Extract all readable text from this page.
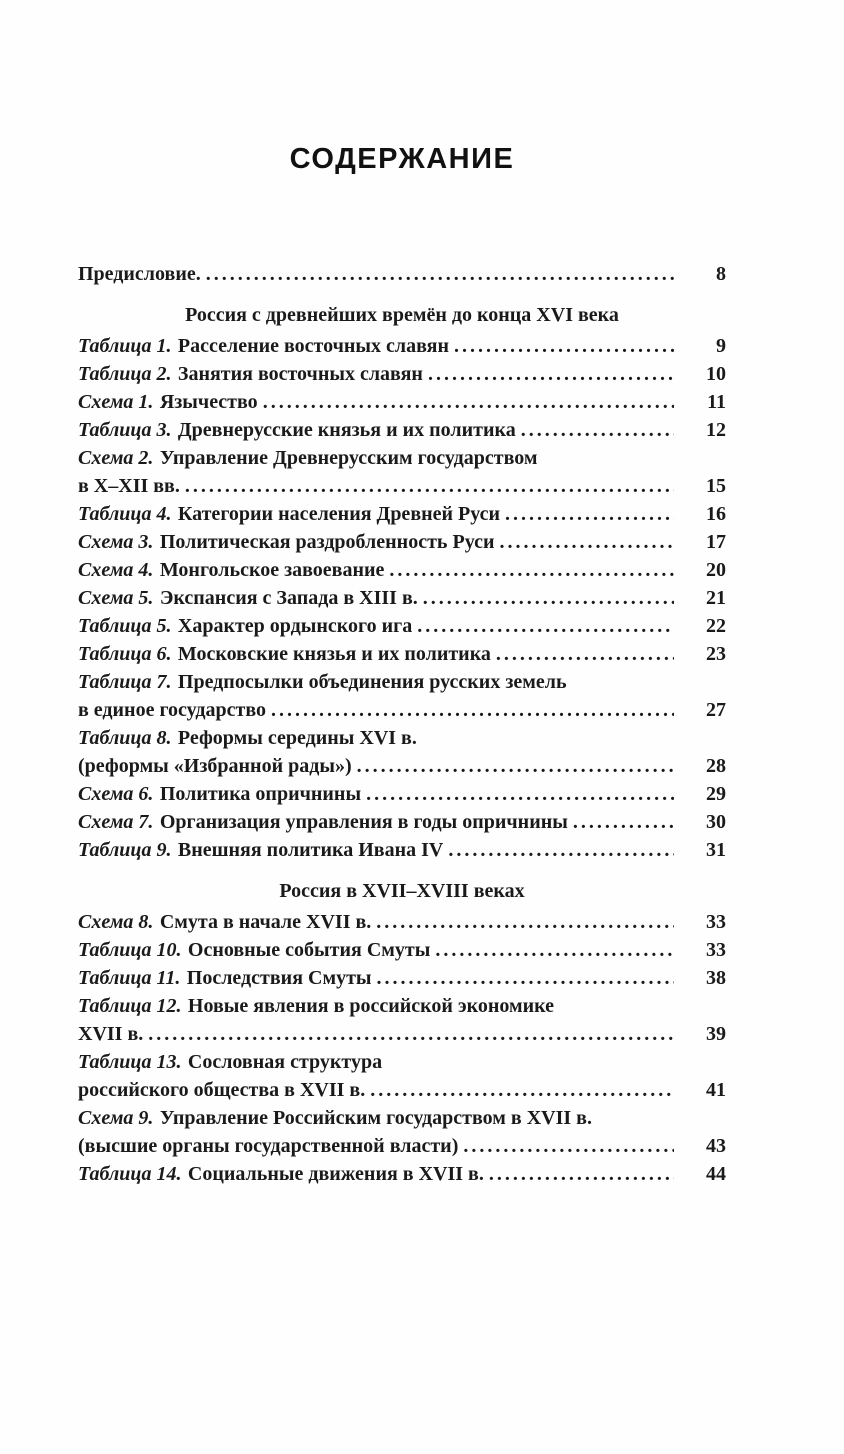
СОДЕРЖАНИЕ
Предисловие. .....	8
Россия с древнейших времён до конца XVI века
Таблица 1. Расселение восточных славян .....	9
Таблица 2. Занятия восточных славян .....	10
Схема 1. Язычество .....	11
Таблица 3. Древнерусские князья и их политика .....	12
Схема 2. Управление Древнерусским государством
в X–XII вв. .....	15
Таблица 4. Категории населения Древней Руси .....	16
Схема 3. Политическая раздробленность Руси .....	17
Схема 4. Монгольское завоевание .....	20
Схема 5. Экспансия с Запада в XIII в. .....	21
Таблица 5. Характер ордынского ига .....	22
Таблица 6. Московские князья и их политика .....	23
Таблица 7. Предпосылки объединения русских земель
в единое государство .....	27
Таблица 8. Реформы середины XVI в.
(реформы «Избранной рады») .....	28
Схема 6. Политика опричнины .....	29
Схема 7. Организация управления в годы опричнины .....	30
Таблица 9. Внешняя политика Ивана IV .....	31
Россия в XVII–XVIII веках
Схема 8. Смута в начале XVII в. .....	33
Таблица 10. Основные события Смуты .....	33
Таблица 11. Последствия Смуты .....	38
Таблица 12. Новые явления в российской экономике
XVII в. .....	39
Таблица 13. Сословная структура
российского общества в XVII в. .....	41
Схема 9. Управление Российским государством в XVII в.
(высшие органы государственной власти) .....	43
Таблица 14. Социальные движения в XVII в. .....	44
